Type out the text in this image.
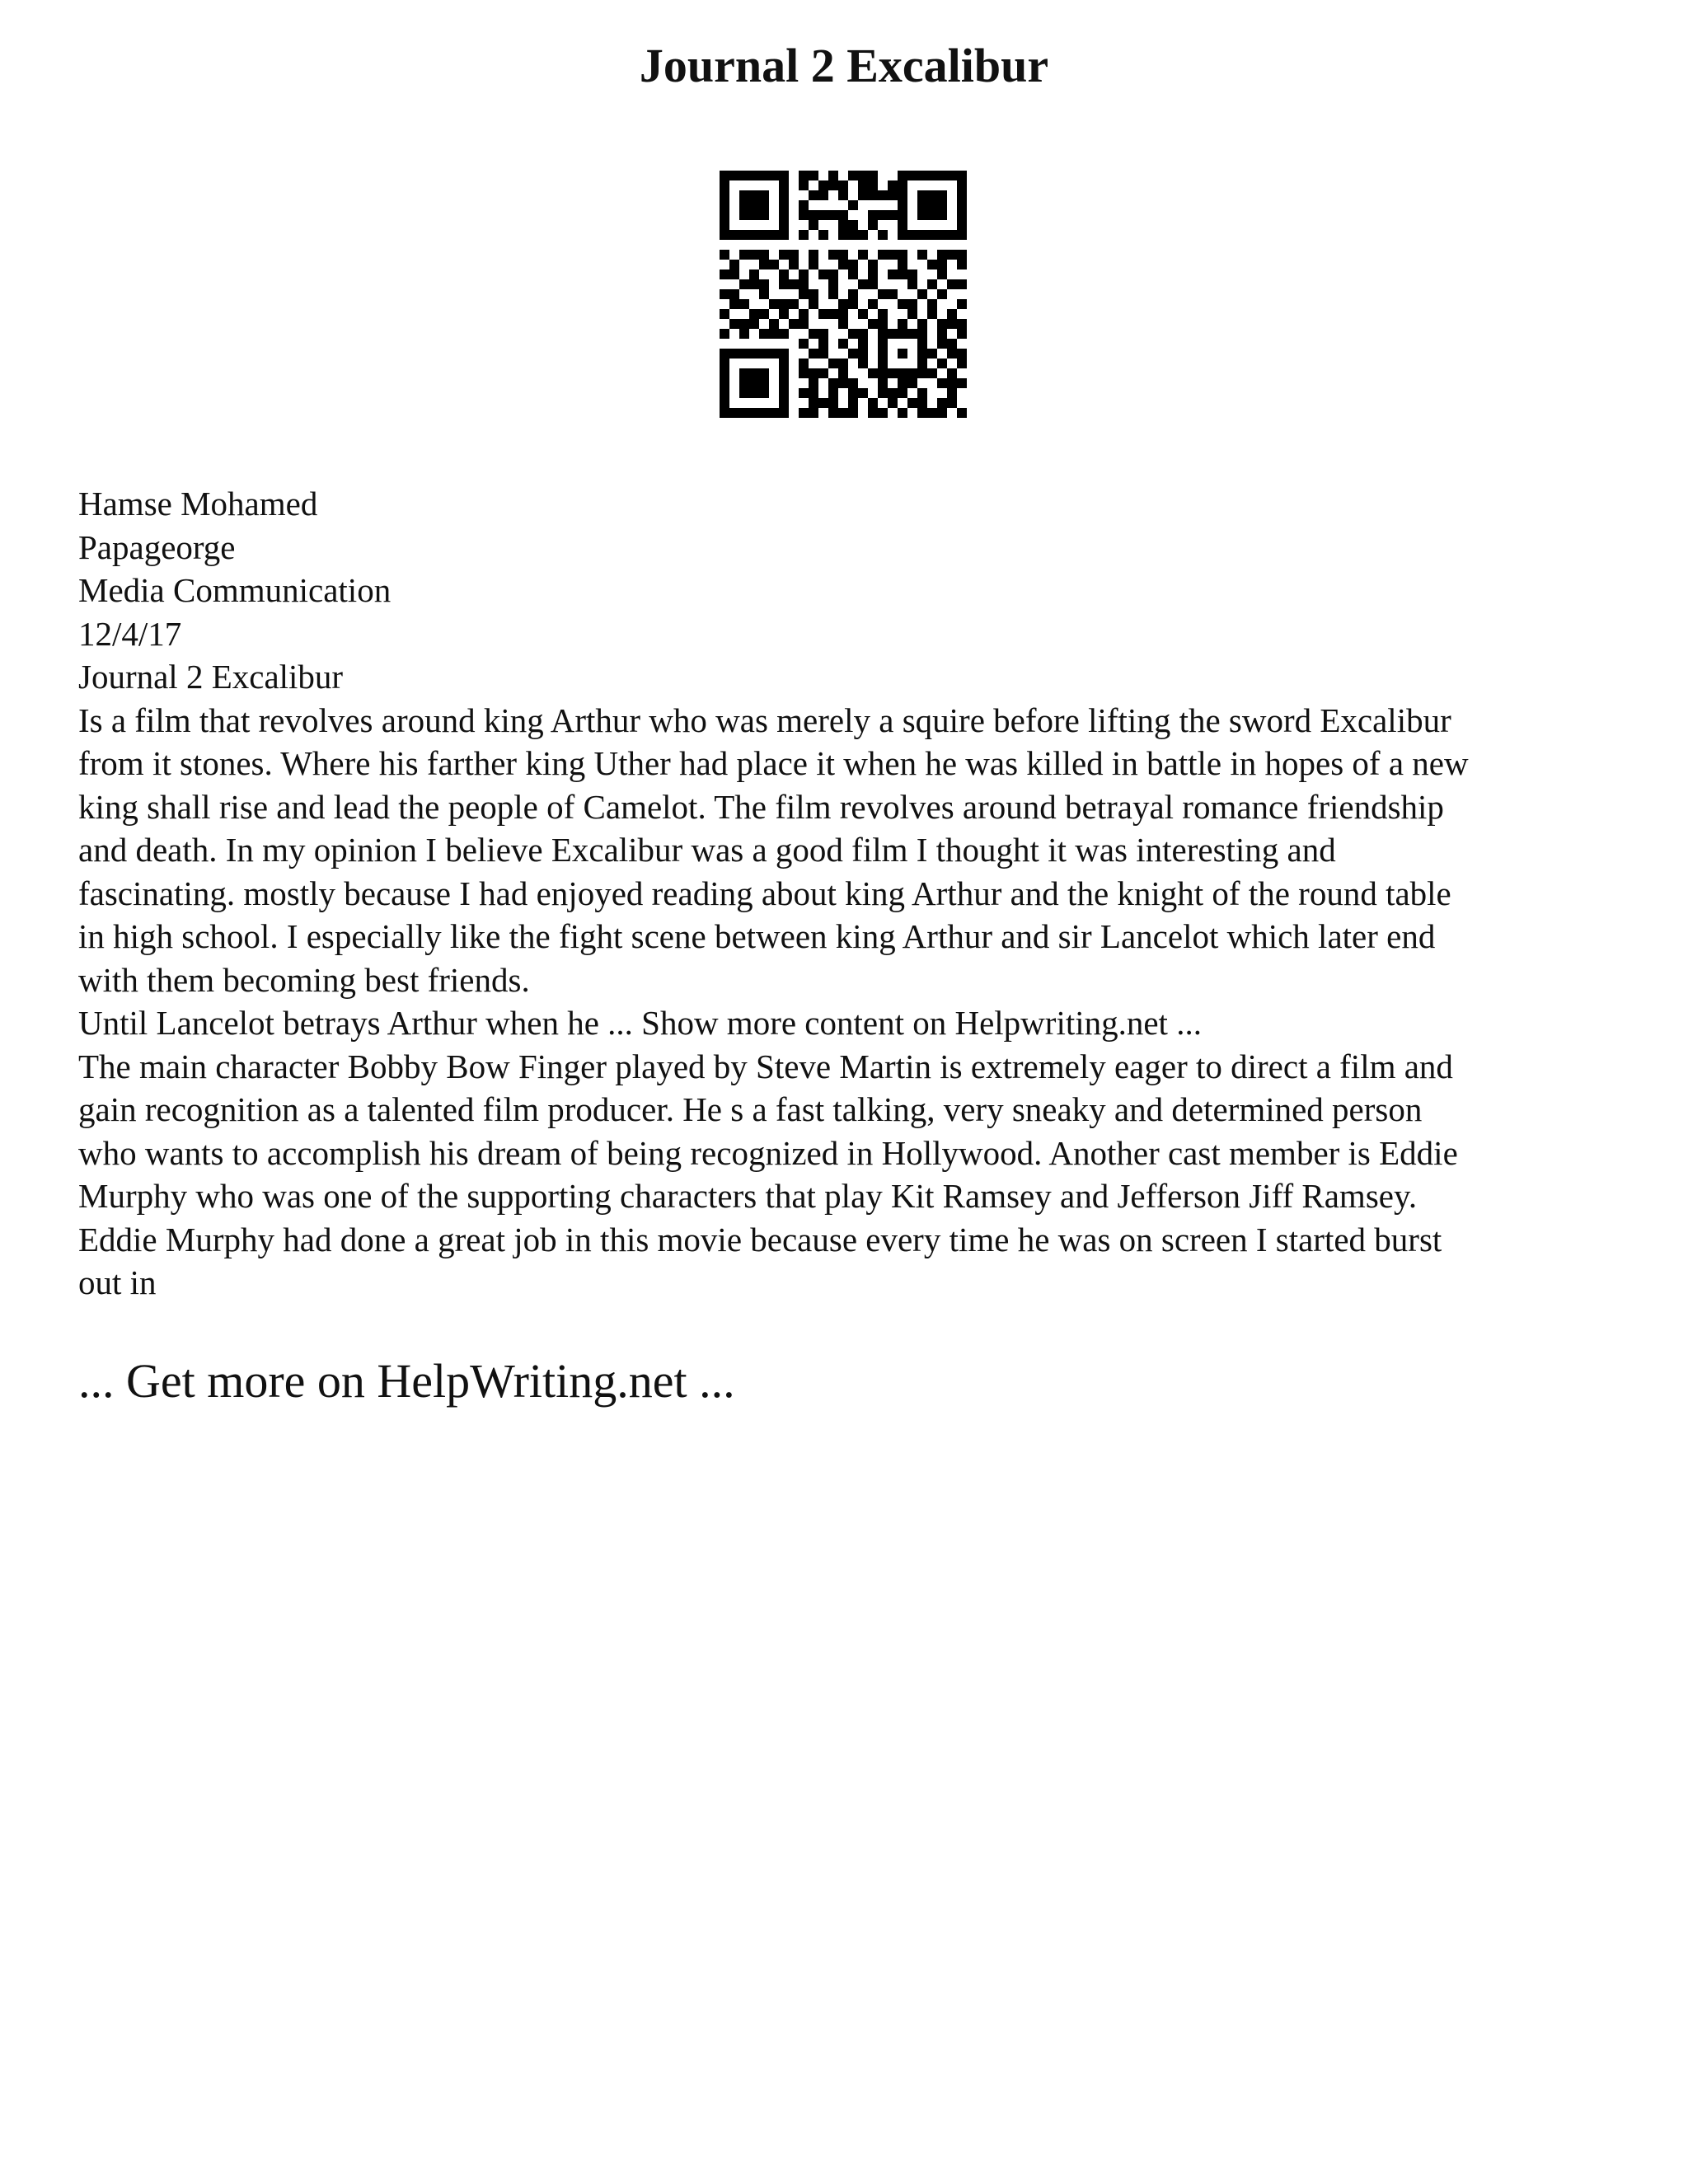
Journal 2 Excalibur
Hamse Mohamed
Papageorge
Media Communication
12/4/17
Journal 2 Excalibur
Is a film that revolves around king Arthur who was merely a squire before lifting the sword Excalibur
from it stones. Where his farther king Uther had place it when he was killed in battle in hopes of a new
king shall rise and lead the people of Camelot. The film revolves around betrayal romance friendship
and death. In my opinion I believe Excalibur was a good film I thought it was interesting and
fascinating. mostly because I had enjoyed reading about king Arthur and the knight of the round table
in high school. I especially like the fight scene between king Arthur and sir Lancelot which later end
with them becoming best friends.
Until Lancelot betrays Arthur when he ... Show more content on Helpwriting.net ...
The main character Bobby Bow Finger played by Steve Martin is extremely eager to direct a film and
gain recognition as a talented film producer. He s a fast talking, very sneaky and determined person
who wants to accomplish his dream of being recognized in Hollywood. Another cast member is Eddie
Murphy who was one of the supporting characters that play Kit Ramsey and Jefferson Jiff Ramsey.
Eddie Murphy had done a great job in this movie because every time he was on screen I started burst
out in
... Get more on HelpWriting.net ...
